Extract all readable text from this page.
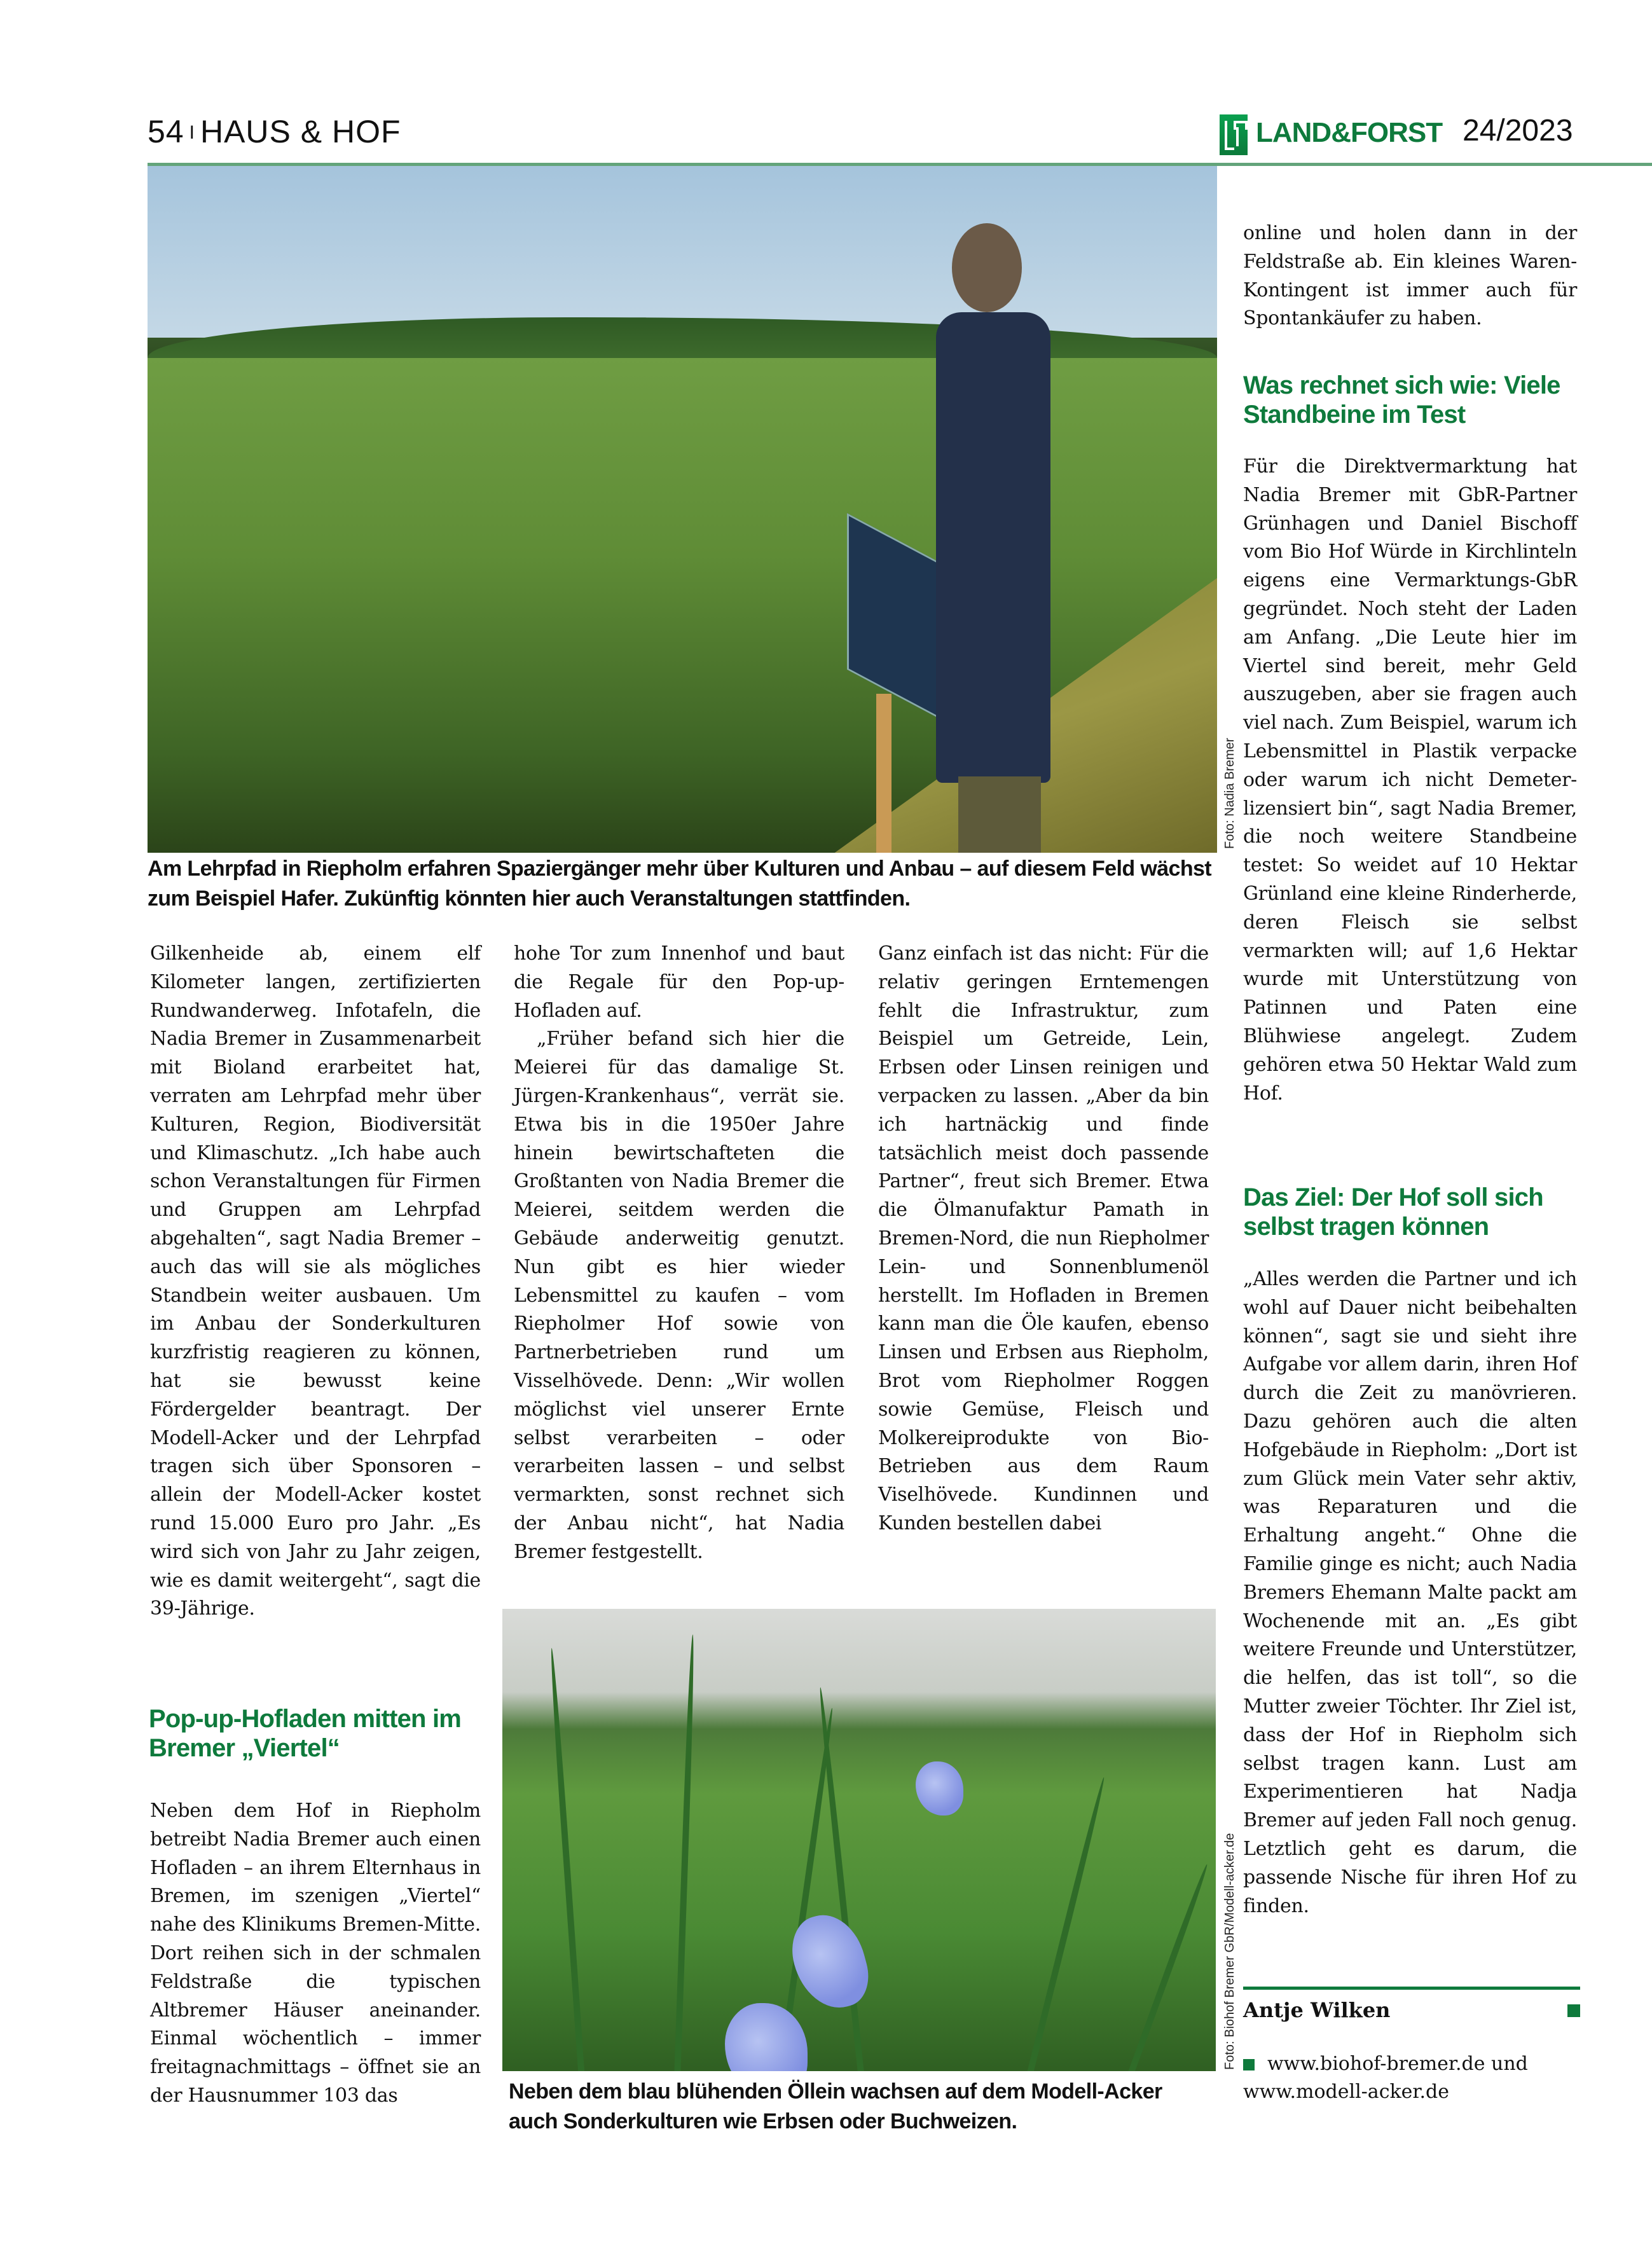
54 I HAUS & HOF	LAND&FORST 24/2023
Foto: Nadia Bremer
Am Lehrpfad in Riepholm erfahren Spaziergänger mehr über Kulturen und Anbau – auf diesem Feld wächst zum Beispiel Hafer. Zukünftig könnten hier auch Veranstaltungen stattfinden.

Gilkenheide ab, einem elf Kilometer langen, zertifizierten Rundwanderweg. Infotafeln, die Nadia Bremer in Zusammenarbeit mit Bioland erarbeitet hat, verraten am Lehrpfad mehr über Kulturen, Region, Biodiversität und Klimaschutz. „Ich habe auch schon Veranstaltungen für Firmen und Gruppen am Lehrpfad abgehalten“, sagt Nadia Bremer – auch das will sie als mögliches Standbein weiter ausbauen. Um im Anbau der Sonderkulturen kurzfristig reagieren zu können, hat sie bewusst keine Fördergelder beantragt. Der Modell-Acker und der Lehrpfad tragen sich über Sponsoren – allein der Modell-Acker kostet rund 15.000 Euro pro Jahr. „Es wird sich von Jahr zu Jahr zeigen, wie es damit weitergeht“, sagt die 39-Jährige.

Pop-up-Hofladen mitten im Bremer „Viertel“

Neben dem Hof in Riepholm betreibt Nadia Bremer auch einen Hofladen – an ihrem Elternhaus in Bremen, im szenigen „Viertel“ nahe des Klinikums Bremen-Mitte. Dort reihen sich in der schmalen Feldstraße die typischen Altbremer Häuser aneinander. Einmal wöchentlich – immer freitagnachmittags – öffnet sie an der Hausnummer 103 das

hohe Tor zum Innenhof und baut die Regale für den Pop-up-Hofladen auf.

„Früher befand sich hier die Meierei für das damalige St. Jürgen-Krankenhaus“, verrät sie. Etwa bis in die 1950er Jahre hinein bewirtschafteten die Großtanten von Nadia Bremer die Meierei, seitdem werden die Gebäude anderweitig genutzt. Nun gibt es hier wieder Lebensmittel zu kaufen – vom Riepholmer Hof sowie von Partnerbetrieben rund um Visselhövede. Denn: „Wir wollen möglichst viel unserer Ernte selbst verarbeiten – oder verarbeiten lassen – und selbst vermarkten, sonst rechnet sich der Anbau nicht“, hat Nadia Bremer festgestellt.

Ganz einfach ist das nicht: Für die relativ geringen Erntemengen fehlt die Infrastruktur, zum Beispiel um Getreide, Lein, Erbsen oder Linsen reinigen und verpacken zu lassen. „Aber da bin ich hartnäckig und finde tatsächlich meist doch passende Partner“, freut sich Bremer. Etwa die Ölmanufaktur Pamath in Bremen-Nord, die nun Riepholmer Lein- und Sonnenblumenöl herstellt. Im Hofladen in Bremen kann man die Öle kaufen, ebenso Linsen und Erbsen aus Riepholm, Brot vom Riepholmer Roggen sowie Gemüse, Fleisch und Molkereiprodukte von Bio-Betrieben aus dem Raum Viselhövede. Kundinnen und Kunden bestellen dabei

Foto: Biohof Bremer GbR/Modell-acker.de
Neben dem blau blühenden Öllein wachsen auf dem Modell-Acker auch Sonderkulturen wie Erbsen oder Buchweizen.

online und holen dann in der Feldstraße ab. Ein kleines Waren-Kontingent ist immer auch für Spontankäufer zu haben.

Was rechnet sich wie: Viele Standbeine im Test

Für die Direktvermarktung hat Nadia Bremer mit GbR-Partner Grünhagen und Daniel Bischoff vom Bio Hof Würde in Kirchlinteln eigens eine Vermarktungs-GbR gegründet. Noch steht der Laden am Anfang. „Die Leute hier im Viertel sind bereit, mehr Geld auszugeben, aber sie fragen auch viel nach. Zum Beispiel, warum ich Lebensmittel in Plastik verpacke oder warum ich nicht Demeter-lizensiert bin“, sagt Nadia Bremer, die noch weitere Standbeine testet: So weidet auf 10 Hektar Grünland eine kleine Rinderherde, deren Fleisch sie selbst vermarkten will; auf 1,6 Hektar wurde mit Unterstützung von Patinnen und Paten eine Blühwiese angelegt. Zudem gehören etwa 50 Hektar Wald zum Hof.

Das Ziel: Der Hof soll sich selbst tragen können

„Alles werden die Partner und ich wohl auf Dauer nicht beibehalten können“, sagt sie und sieht ihre Aufgabe vor allem darin, ihren Hof durch die Zeit zu manövrieren. Dazu gehören auch die alten Hofgebäude in Riepholm: „Dort ist zum Glück mein Vater sehr aktiv, was Reparaturen und die Erhaltung angeht.“ Ohne die Familie ginge es nicht; auch Nadia Bremers Ehemann Malte packt am Wochenende mit an. „Es gibt weitere Freunde und Unterstützer, die helfen, das ist toll“, so die Mutter zweier Töchter. Ihr Ziel ist, dass der Hof in Riepholm sich selbst tragen kann. Lust am Experimentieren hat Nadja Bremer auf jeden Fall noch genug. Letztlich geht es darum, die passende Nische für ihren Hof zu finden.

Antje Wilken
www.biohof-bremer.de und www.modell-acker.de
